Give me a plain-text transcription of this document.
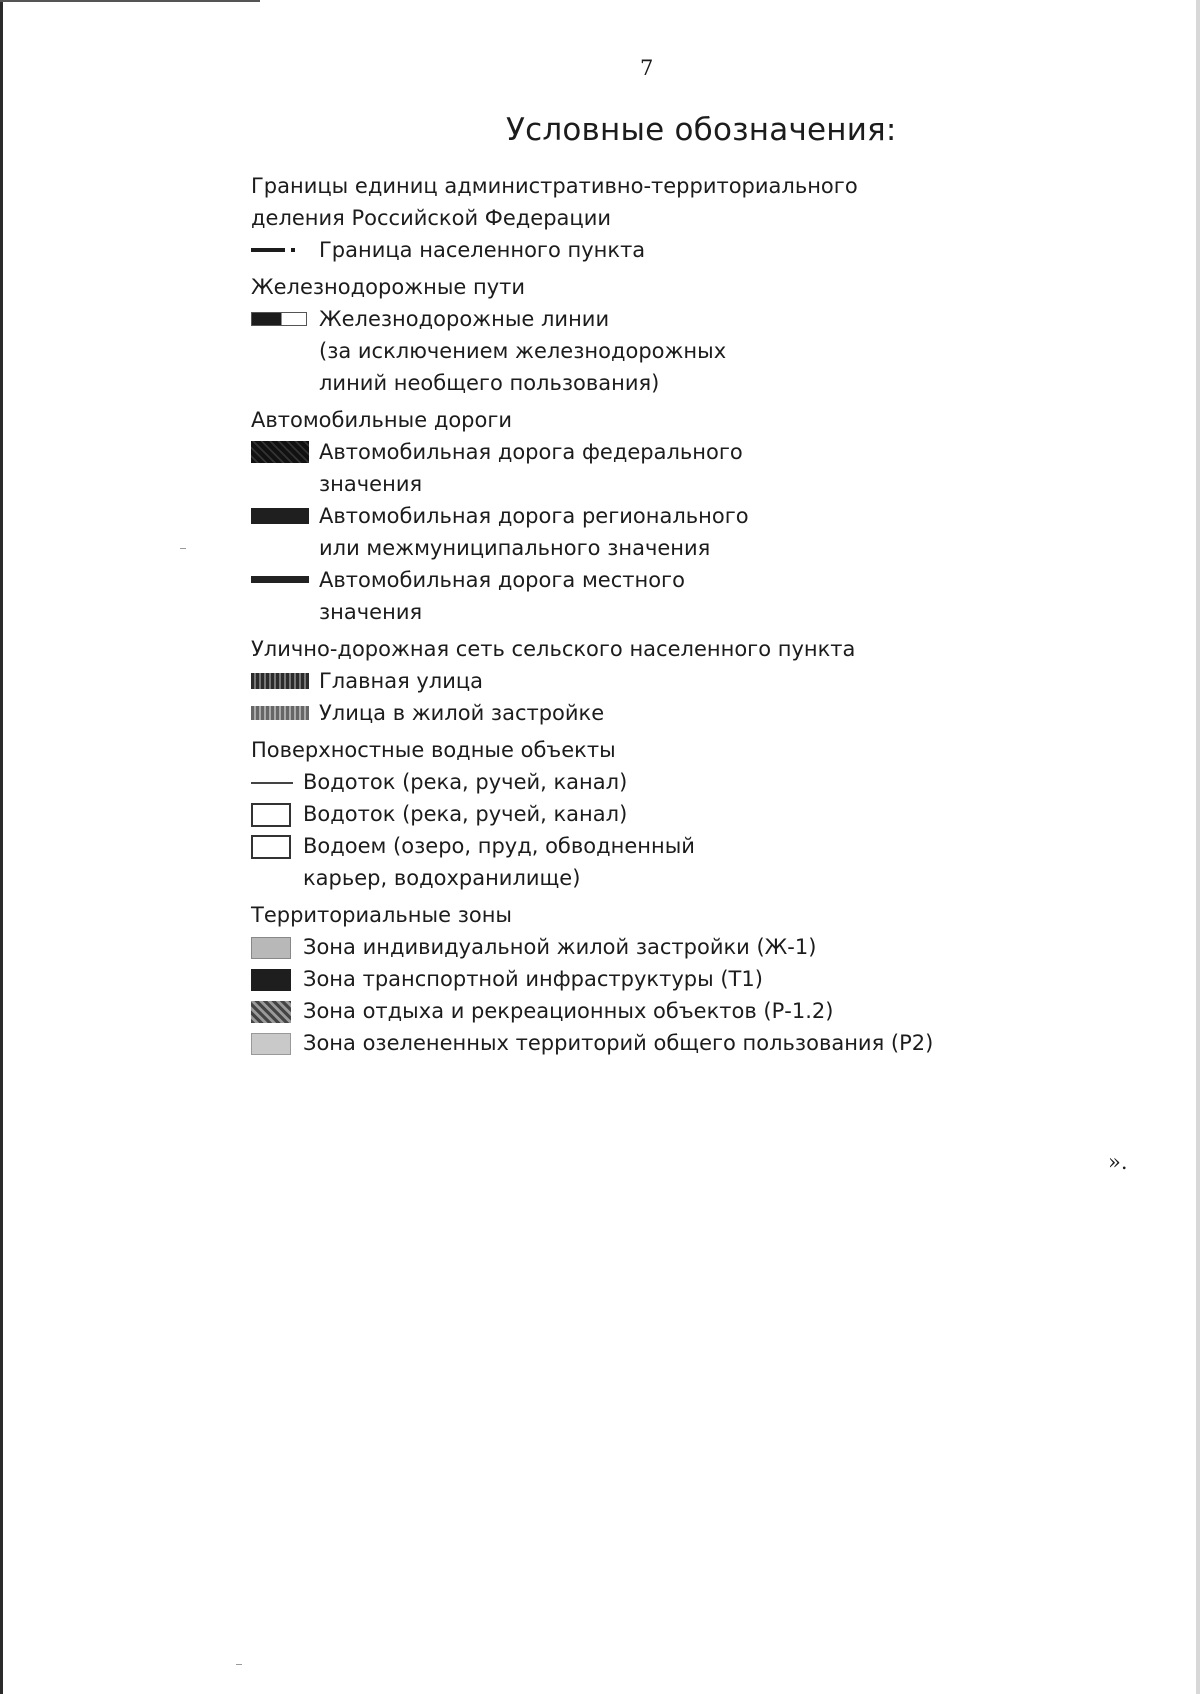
7
Условные обозначения:
Границы единиц административно-территориального
деления Российской Федерации
Граница населенного пункта
Железнодорожные пути
Железнодорожные линии
(за исключением железнодорожных
линий необщего пользования)
Автомобильные дороги
Автомобильная дорога федерального
значения
Автомобильная дорога регионального
или межмуниципального значения
Автомобильная дорога местного
значения
Улично-дорожная сеть сельского населенного пункта
Главная улица
Улица в жилой застройке
Поверхностные водные объекты
Водоток (река, ручей, канал)
Водоток (река, ручей, канал)
Водоем (озеро, пруд, обводненный
карьер, водохранилище)
Территориальные зоны
Зона индивидуальной жилой застройки (Ж-1)
Зона транспортной инфраструктуры (Т1)
Зона отдыха и рекреационных объектов (Р-1.2)
Зона озелененных территорий общего пользования (Р2)
».
